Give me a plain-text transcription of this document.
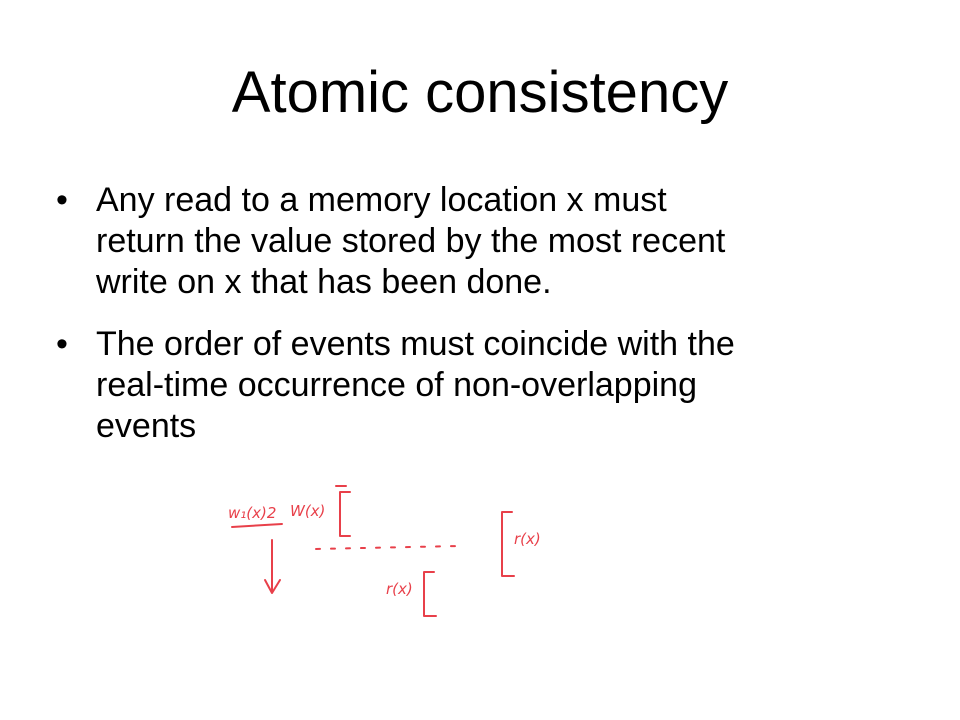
Atomic consistency
• Any read to a memory location x must
return the value stored by the most recent
write on x that has been done.
• The order of events must coincide with the
real-time occurrence of non-overlapping
events
w₁(x)2 W(x)
r(x)
r(x)
